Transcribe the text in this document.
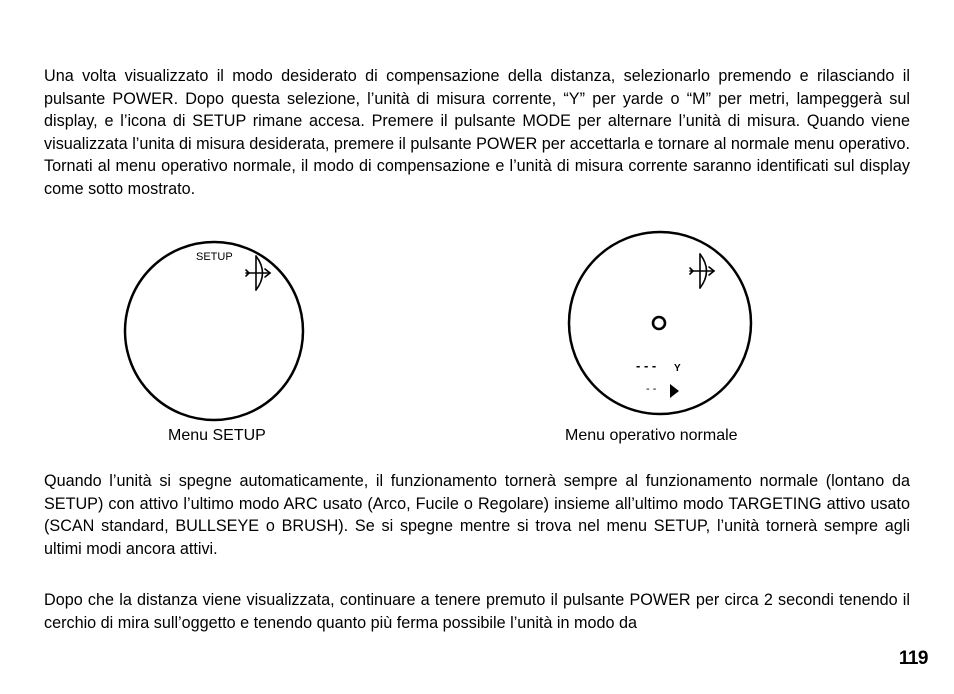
Una volta visualizzato il modo desiderato di compensazione della distanza, selezionarlo premendo e rilasciando il pulsante POWER. Dopo questa selezione, l’unità di misura corrente, “Y” per yarde o “M” per metri, lampeggerà sul display, e l’icona di SETUP rimane accesa. Premere il pulsante MODE per alternare l’unità di misura. Quando viene visualizzata l’unita di misura desiderata, premere il pulsante POWER per accettarla e tornare al normale menu operativo. Tornati al menu operativo normale, il modo di compensazione e l’unità di misura corrente saranno identificati sul display come sotto mostrato.

SETUP
- - - Y
- -

Menu SETUP	Menu operativo normale

Quando l’unità si spegne automaticamente, il funzionamento tornerà sempre al funzionamento normale (lontano da SETUP) con attivo l’ultimo modo ARC usato (Arco, Fucile o Regolare) insieme all’ultimo modo TARGETING attivo usato (SCAN standard, BULLSEYE o BRUSH). Se si spegne mentre si trova nel menu SETUP, l’unità tornerà sempre agli ultimi modi ancora attivi.

Dopo che la distanza viene visualizzata, continuare a tenere premuto il pulsante POWER per circa 2 secondi tenendo il cerchio di mira sull’oggetto e tenendo quanto più ferma possibile l’unità in modo da

119
